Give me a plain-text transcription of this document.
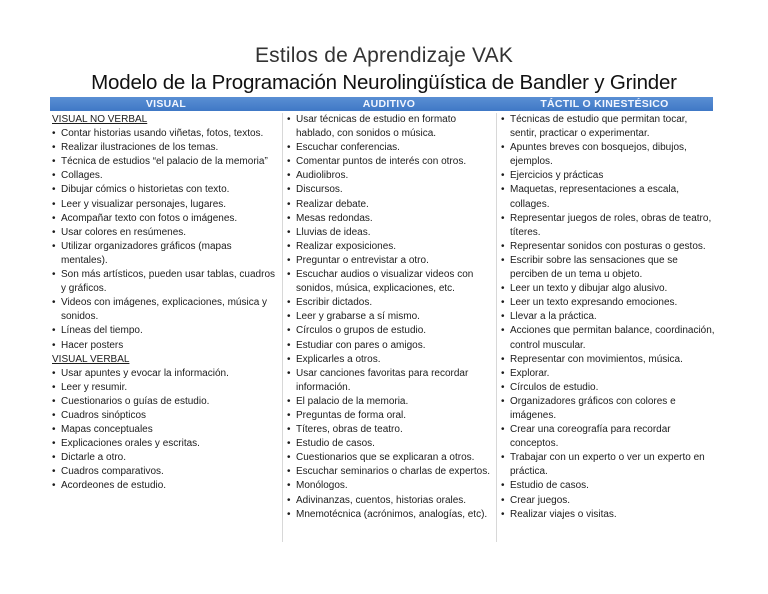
Estilos de Aprendizaje VAK
Modelo de la Programación Neurolingüística de Bandler y Grinder
VISUAL	AUDITIVO	TÁCTIL O KINESTÉSICO
VISUAL NO VERBAL
• Contar historias usando viñetas, fotos, textos.
• Realizar ilustraciones de los temas.
• Técnica de estudios “el palacio de la memoria”
• Collages.
• Dibujar cómics o historietas con texto.
• Leer y visualizar personajes, lugares.
• Acompañar texto con fotos o imágenes.
• Usar colores en resúmenes.
• Utilizar organizadores gráficos (mapas mentales).
• Son más artísticos, pueden usar tablas, cuadros y gráficos.
• Videos con imágenes, explicaciones, música y sonidos.
• Líneas del tiempo.
• Hacer posters
VISUAL VERBAL
• Usar apuntes y evocar la información.
• Leer y resumir.
• Cuestionarios o guías de estudio.
• Cuadros sinópticos
• Mapas conceptuales
• Explicaciones orales y escritas.
• Dictarle a otro.
• Cuadros comparativos.
• Acordeones de estudio.
• Usar técnicas de estudio en formato hablado, con sonidos o música.
• Escuchar conferencias.
• Comentar puntos de interés con otros.
• Audiolibros.
• Discursos.
• Realizar debate.
• Mesas redondas.
• Lluvias de ideas.
• Realizar exposiciones.
• Preguntar o entrevistar a otro.
• Escuchar audios o visualizar videos con sonidos, música, explicaciones, etc.
• Escribir dictados.
• Leer y grabarse a sí mismo.
• Círculos o grupos de estudio.
• Estudiar con pares o amigos.
• Explicarles a otros.
• Usar canciones favoritas para recordar información.
• El palacio de la memoria.
• Preguntas de forma oral.
• Títeres, obras de teatro.
• Estudio de casos.
• Cuestionarios que se explicaran a otros.
• Escuchar seminarios o charlas de expertos.
• Monólogos.
• Adivinanzas, cuentos, historias orales.
• Mnemotécnica (acrónimos, analogías, etc).
• Técnicas de estudio que permitan tocar, sentir, practicar o experimentar.
• Apuntes breves con bosquejos, dibujos, ejemplos.
• Ejercicios y prácticas
• Maquetas, representaciones a escala, collages.
• Representar juegos de roles, obras de teatro, títeres.
• Representar sonidos con posturas o gestos.
• Escribir sobre las sensaciones que se perciben de un tema u objeto.
• Leer un texto y dibujar algo alusivo.
• Leer un texto expresando emociones.
• Llevar a la práctica.
• Acciones que permitan balance, coordinación, control muscular.
• Representar con movimientos, música.
• Explorar.
• Círculos de estudio.
• Organizadores gráficos con colores e imágenes.
• Crear una coreografía para recordar conceptos.
• Trabajar con un experto o ver un experto en práctica.
• Estudio de casos.
• Crear juegos.
• Realizar viajes o visitas.
